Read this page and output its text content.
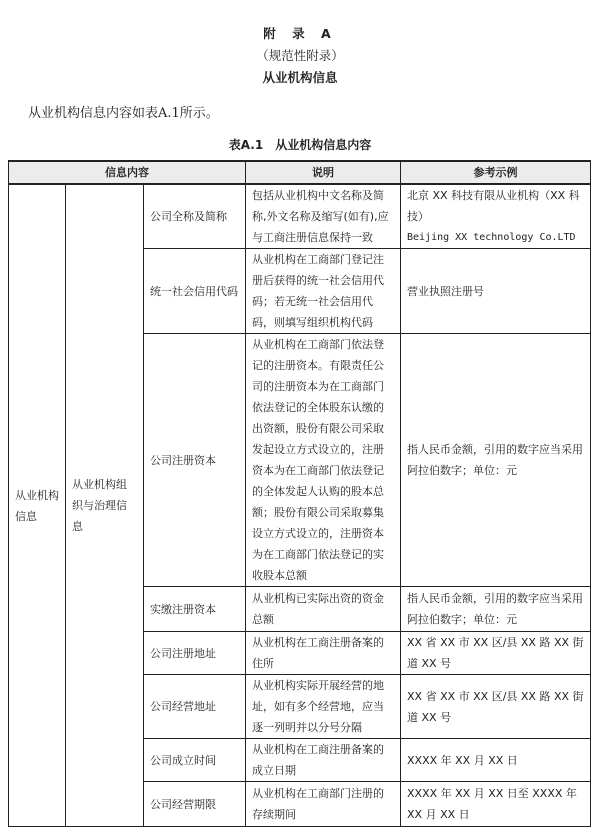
附 录 A
（规范性附录）
从业机构信息
从业机构信息内容如表A.1所示。
表A.1　从业机构信息内容
信息内容			说明	参考示例
从业机构信息	从业机构组织与治理信息	公司全称及简称	包括从业机构中文名称及简称,外文名称及缩写(如有),应与工商注册信息保持一致	北京 XX 科技有限从业机构（XX 科技）
Beijing XX technology Co.LTD

		统一社会信用代码	从业机构在工商部门登记注册后获得的统一社会信用代码；若无统一社会信用代码，则填写组织机构代码	营业执照注册号
		公司注册资本	从业机构在工商部门依法登记的注册资本。有限责任公司的注册资本为在工商部门依法登记的全体股东认缴的出资额，股份有限公司采取发起设立方式设立的，注册资本为在工商部门依法登记的全体发起人认购的股本总额；股份有限公司采取募集设立方式设立的，注册资本为在工商部门依法登记的实收股本总额	指人民币金额，引用的数字应当采用阿拉伯数字；单位：元
		实缴注册资本	从业机构已实际出资的资金总额	指人民币金额，引用的数字应当采用阿拉伯数字；单位：元
		公司注册地址	从业机构在工商注册备案的住所	XX 省 XX 市 XX 区/县 XX 路 XX 街道 XX 号
		公司经营地址	从业机构实际开展经营的地址，如有多个经营地，应当逐一列明并以分号分隔	XX 省 XX 市 XX 区/县 XX 路 XX 街道 XX 号
		公司成立时间	从业机构在工商注册备案的成立日期	XXXX 年 XX 月 XX 日
		公司经营期限	从业机构在工商部门注册的存续期间	XXXX 年 XX 月 XX 日至 XXXX 年 XX 月 XX 日
